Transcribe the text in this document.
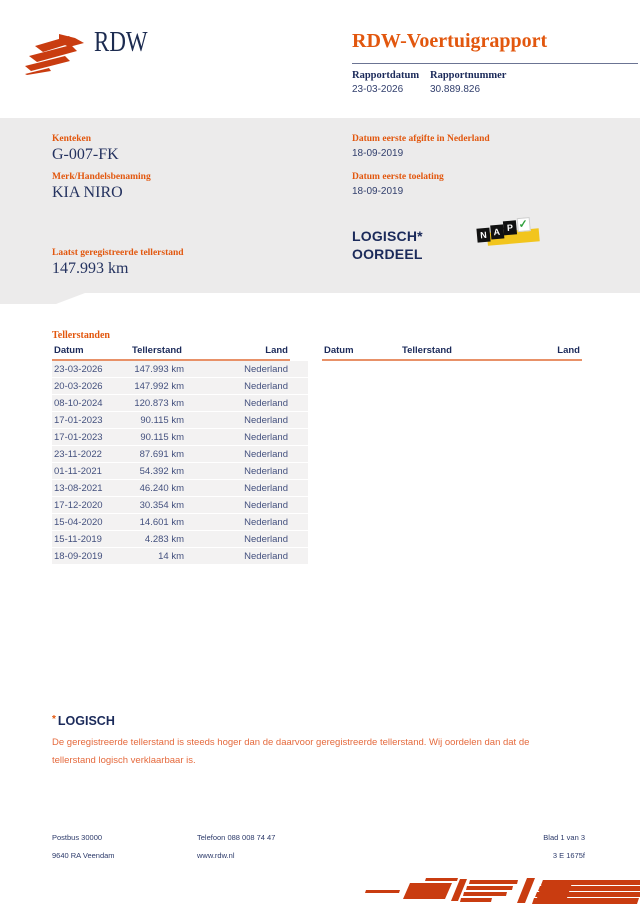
RDW	RDW-Voertuigrapport
Rapportdatum Rapportnummer
23-03-2026	30.889.826
Kenteken
G-007-FK
Merk/Handelsbenaming
KIA NIRO
Laatst geregistreerde tellerstand
147.993 km
Datum eerste afgifte in Nederland
18-09-2019
Datum eerste toelating
18-09-2019
LOGISCH*
OORDEEL
N A P ✓
Tellerstanden
Datum	Tellerstand	Land	Datum	Tellerstand	Land
23-03-2026	147.993 km	Nederland
20-03-2026	147.992 km	Nederland
08-10-2024	120.873 km	Nederland
17-01-2023	90.115 km	Nederland
17-01-2023	90.115 km	Nederland
23-11-2022	87.691 km	Nederland
01-11-2021	54.392 km	Nederland
13-08-2021	46.240 km	Nederland
17-12-2020	30.354 km	Nederland
15-04-2020	14.601 km	Nederland
15-11-2019	4.283 km	Nederland
18-09-2019	14 km	Nederland
* LOGISCH
De geregistreerde tellerstand is steeds hoger dan de daarvoor geregistreerde tellerstand. Wij oordelen dan dat de tellerstand logisch verklaarbaar is.
Postbus 30000
9640 RA Veendam
Telefoon 088 008 74 47
www.rdw.nl
Blad 1 van 3
3 E 1675f
